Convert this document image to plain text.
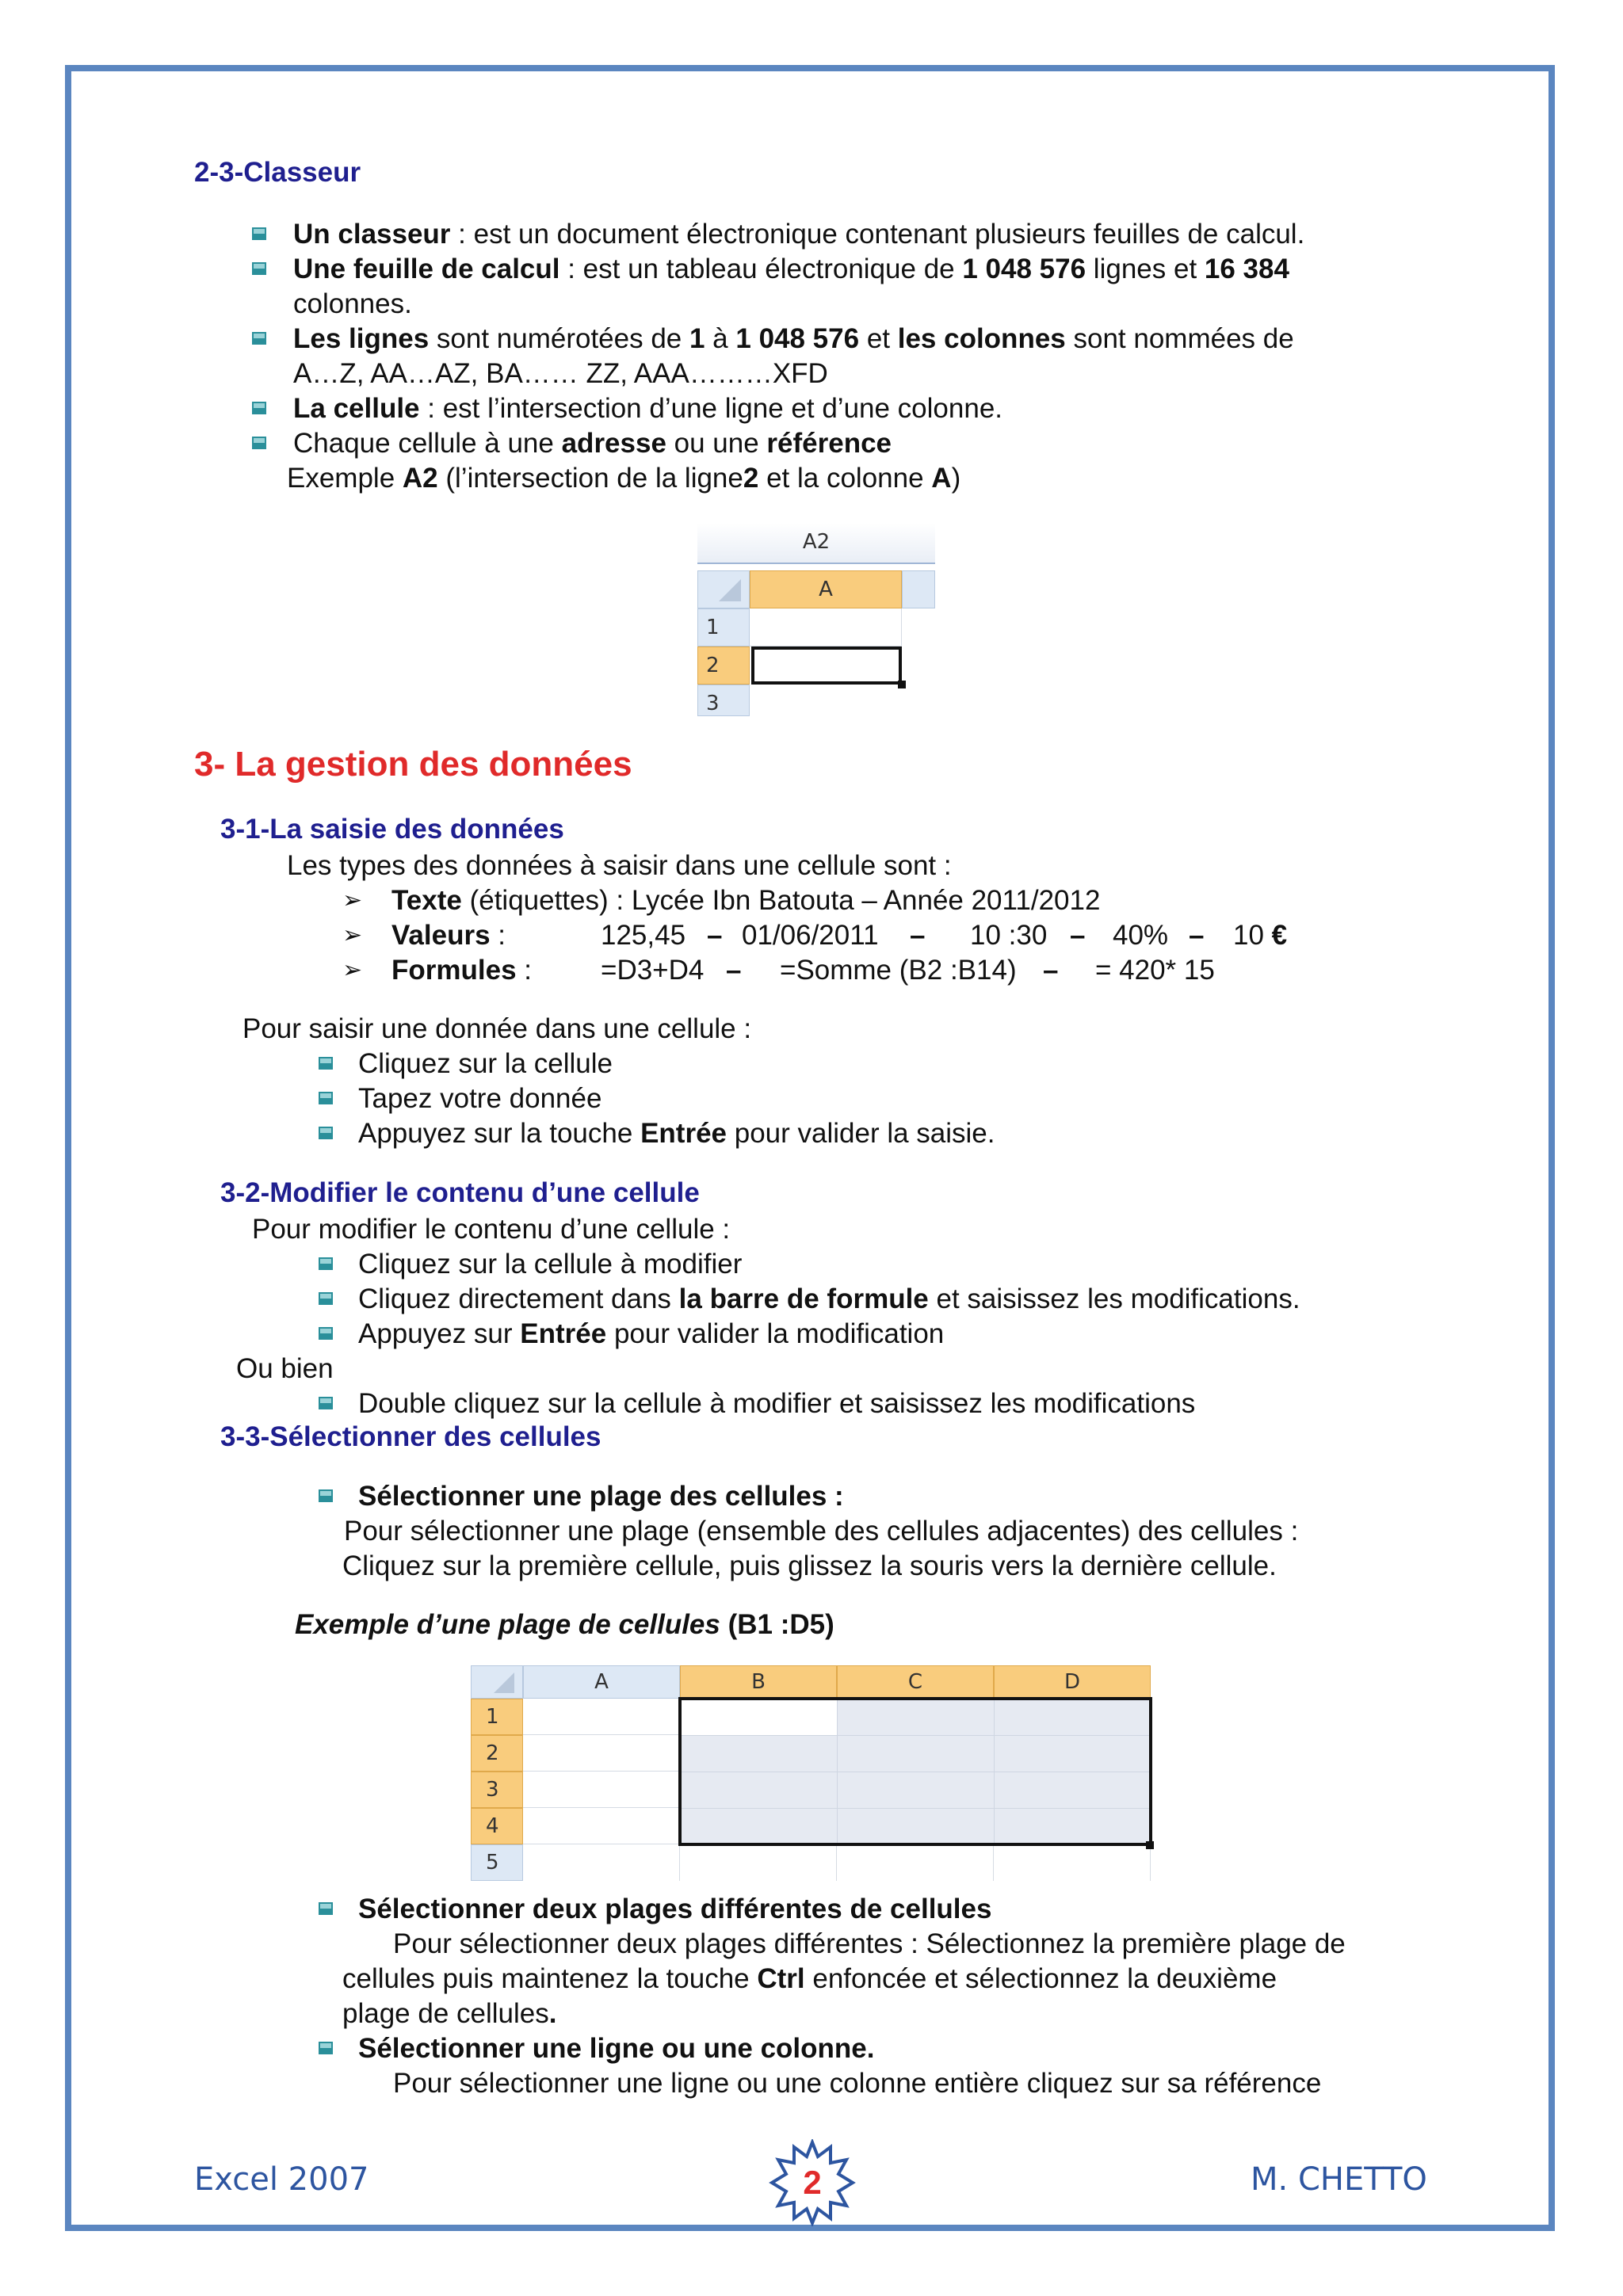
2-3-Classeur
Un classeur : est un document électronique contenant plusieurs feuilles de calcul.
Une feuille de calcul : est un tableau électronique de 1 048 576 lignes et 16 384
colonnes.
Les lignes sont numérotées de 1 à 1 048 576 et les colonnes sont nommées de
A…Z, AA…AZ, BA…… ZZ, AAA………XFD
La cellule : est l’intersection d’une ligne et d’une colonne.
Chaque cellule à une adresse ou une référence
Exemple A2 (l’intersection de la ligne2 et la colonne A)
A2
A
1
2
3
3- La gestion des données
3-1-La saisie des données
Les types des données à saisir dans une cellule sont :
➢ Texte (étiquettes) : Lycée Ibn Batouta – Année 2011/2012
➢ Valeurs :	125,45 – 01/06/2011 – 10 :30 – 40% – 10 €
➢ Formules : =D3+D4 – =Somme (B2 :B14) – = 420* 15
Pour saisir une donnée dans une cellule :
Cliquez sur la cellule
Tapez votre donnée
Appuyez sur la touche Entrée pour valider la saisie.
3-2-Modifier le contenu d’une cellule
Pour modifier le contenu d’une cellule :
Cliquez sur la cellule à modifier
Cliquez directement dans la barre de formule et saisissez les modifications.
Appuyez sur Entrée pour valider la modification
Ou bien
Double cliquez sur la cellule à modifier et saisissez les modifications
3-3-Sélectionner des cellules
Sélectionner une plage des cellules :
Pour sélectionner une plage (ensemble des cellules adjacentes) des cellules :
Cliquez sur la première cellule, puis glissez la souris vers la dernière cellule.
Exemple d’une plage de cellules (B1 :D5)
A	B	C	D
1
2
3
4
5
Sélectionner deux plages différentes de cellules
Pour sélectionner deux plages différentes : Sélectionnez la première plage de
cellules puis maintenez la touche Ctrl enfoncée et sélectionnez la deuxième
plage de cellules.
Sélectionner une ligne ou une colonne.
Pour sélectionner une ligne ou une colonne entière cliquez sur sa référence
Excel 2007	2	M. CHETTO
